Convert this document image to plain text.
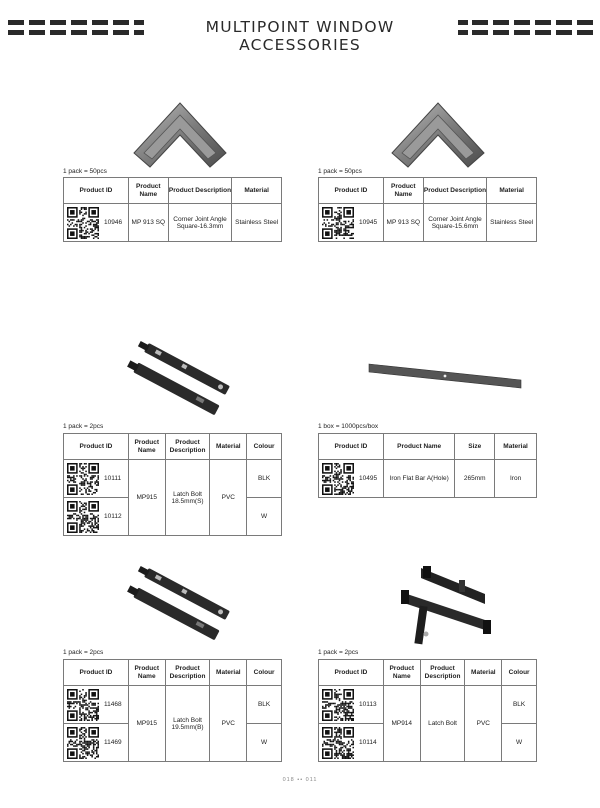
MULTIPOINT WINDOW ACCESSORIES
1 pack = 50pcs
Product ID	Product Name	Product Description	Material

10946	MP 913 SQ	Corner Joint Angle Square-16.3mm	Stainless Steel
1 pack = 50pcs
Product ID	Product Name	Product Description	Material

10945	MP 913 SQ	Corner Joint Angle Square-15.6mm	Stainless Steel
1 pack = 2pcs
Product ID	Product Name	Product Description	Material	Colour

10111	MP915	Latch Bolt 18.5mm(S)	PVC	BLK

10112				W
1 box = 1000pcs/box
Product ID	Product Name	Size	Material

10495	Iron Flat Bar A(Hole)	265mm	Iron
1 pack = 2pcs
Product ID	Product Name	Product Description	Material	Colour

11468	MP915	Latch Bolt 19.5mm(B)	PVC	BLK

11469				W
1 pack = 2pcs
Product ID	Product Name	Product Description	Material	Colour

10113	MP914	Latch Bolt	PVC	BLK

10114				W
018 •• 011
